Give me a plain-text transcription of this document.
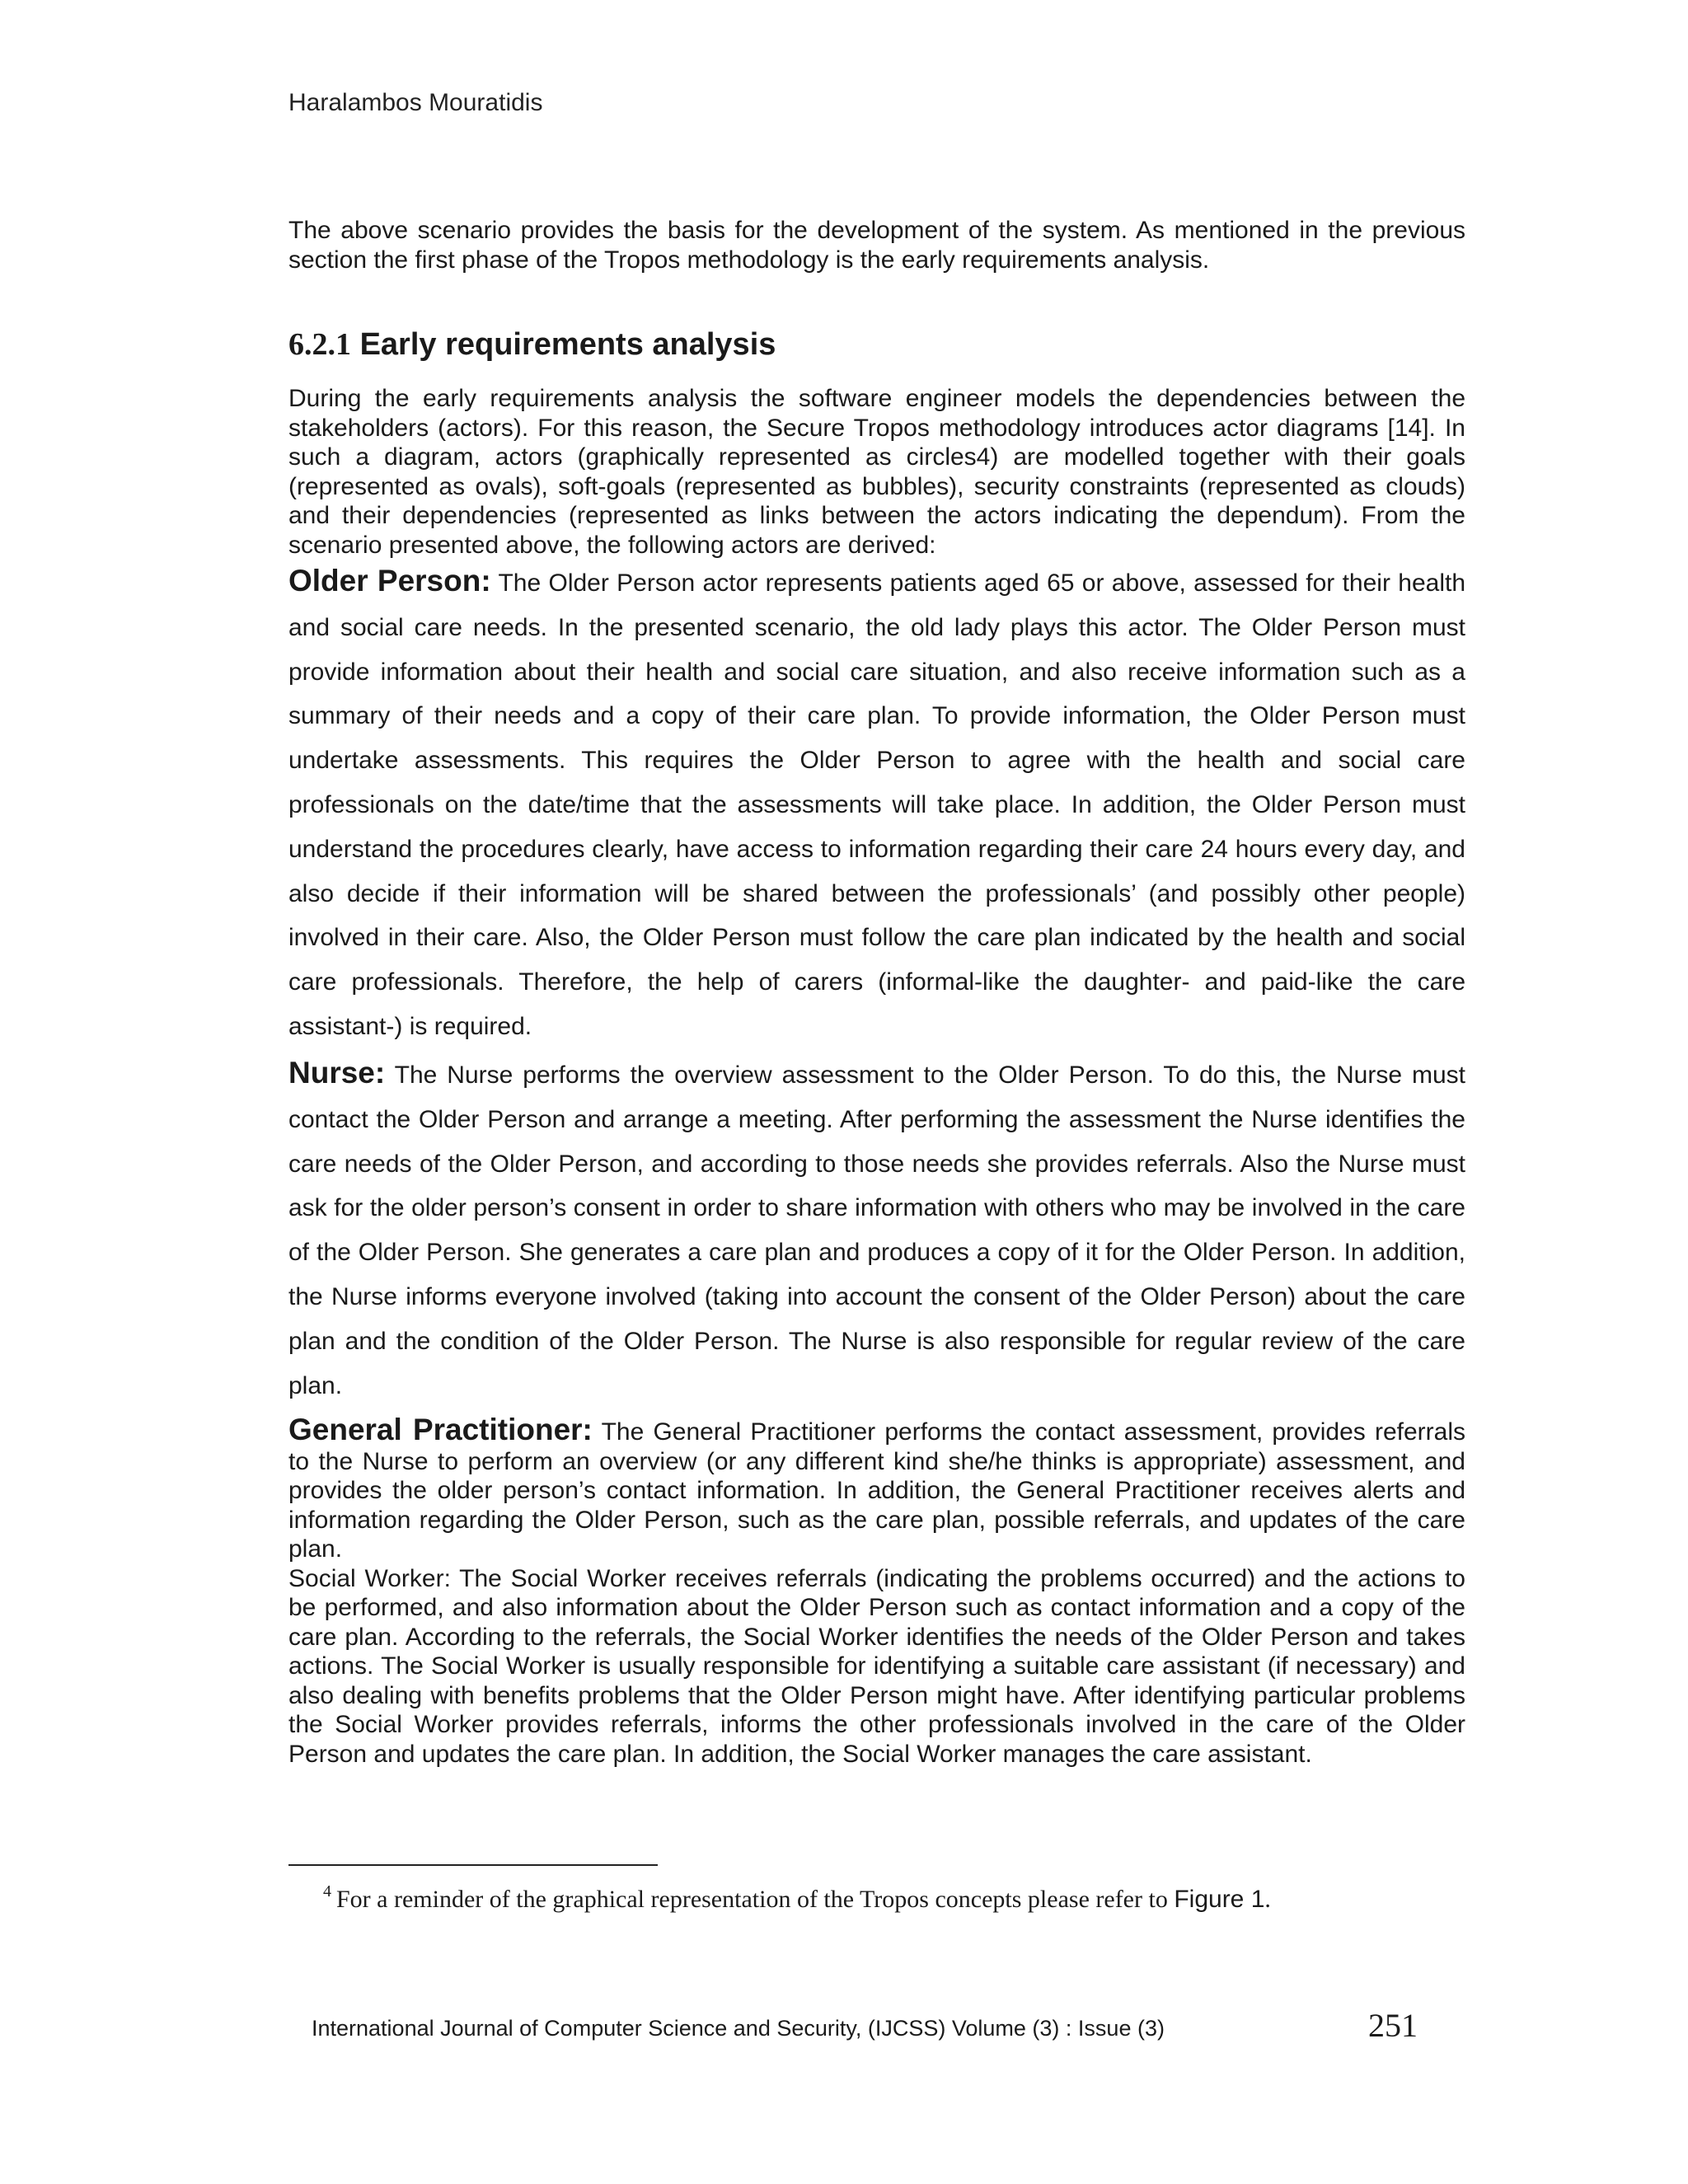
Haralambos Mouratidis

The above scenario provides the basis for the development of the system. As mentioned in the previous section the first phase of the Tropos methodology is the early requirements analysis.

6.2.1 Early requirements analysis

During the early requirements analysis the software engineer models the dependencies between the stakeholders (actors). For this reason, the Secure Tropos methodology introduces actor diagrams [14]. In such a diagram, actors (graphically represented as circles4) are modelled together with their goals (represented as ovals), soft-goals (represented as bubbles), security constraints (represented as clouds) and their dependencies (represented as links between the actors indicating the dependum). From the scenario presented above, the following actors are derived:

Older Person: The Older Person actor represents patients aged 65 or above, assessed for their health and social care needs. In the presented scenario, the old lady plays this actor. The Older Person must provide information about their health and social care situation, and also receive information such as a summary of their needs and a copy of their care plan. To provide information, the Older Person must undertake assessments. This requires the Older Person to agree with the health and social care professionals on the date/time that the assessments will take place. In addition, the Older Person must understand the procedures clearly, have access to information regarding their care 24 hours every day, and also decide if their information will be shared between the professionals’ (and possibly other people) involved in their care. Also, the Older Person must follow the care plan indicated by the health and social care professionals. Therefore, the help of carers (informal-like the daughter- and paid-like the care assistant-) is required.

Nurse: The Nurse performs the overview assessment to the Older Person. To do this, the Nurse must contact the Older Person and arrange a meeting. After performing the assessment the Nurse identifies the care needs of the Older Person, and according to those needs she provides referrals. Also the Nurse must ask for the older person’s consent in order to share information with others who may be involved in the care of the Older Person. She generates a care plan and produces a copy of it for the Older Person. In addition, the Nurse informs everyone involved (taking into account the consent of the Older Person) about the care plan and the condition of the Older Person. The Nurse is also responsible for regular review of the care plan.

General Practitioner: The General Practitioner performs the contact assessment, provides referrals to the Nurse to perform an overview (or any different kind she/he thinks is appropriate) assessment, and provides the older person’s contact information. In addition, the General Practitioner receives alerts and information regarding the Older Person, such as the care plan, possible referrals, and updates of the care plan.

Social Worker: The Social Worker receives referrals (indicating the problems occurred) and the actions to be performed, and also information about the Older Person such as contact information and a copy of the care plan. According to the referrals, the Social Worker identifies the needs of the Older Person and takes actions. The Social Worker is usually responsible for identifying a suitable care assistant (if necessary) and also dealing with benefits problems that the Older Person might have. After identifying particular problems the Social Worker provides referrals, informs the other professionals involved in the care of the Older Person and updates the care plan. In addition, the Social Worker manages the care assistant.

$^4$ For a reminder of the graphical representation of the Tropos concepts please refer to Figure 1.
International Journal of Computer Science and Security, (IJCSS) Volume (3) : Issue (3)	251
